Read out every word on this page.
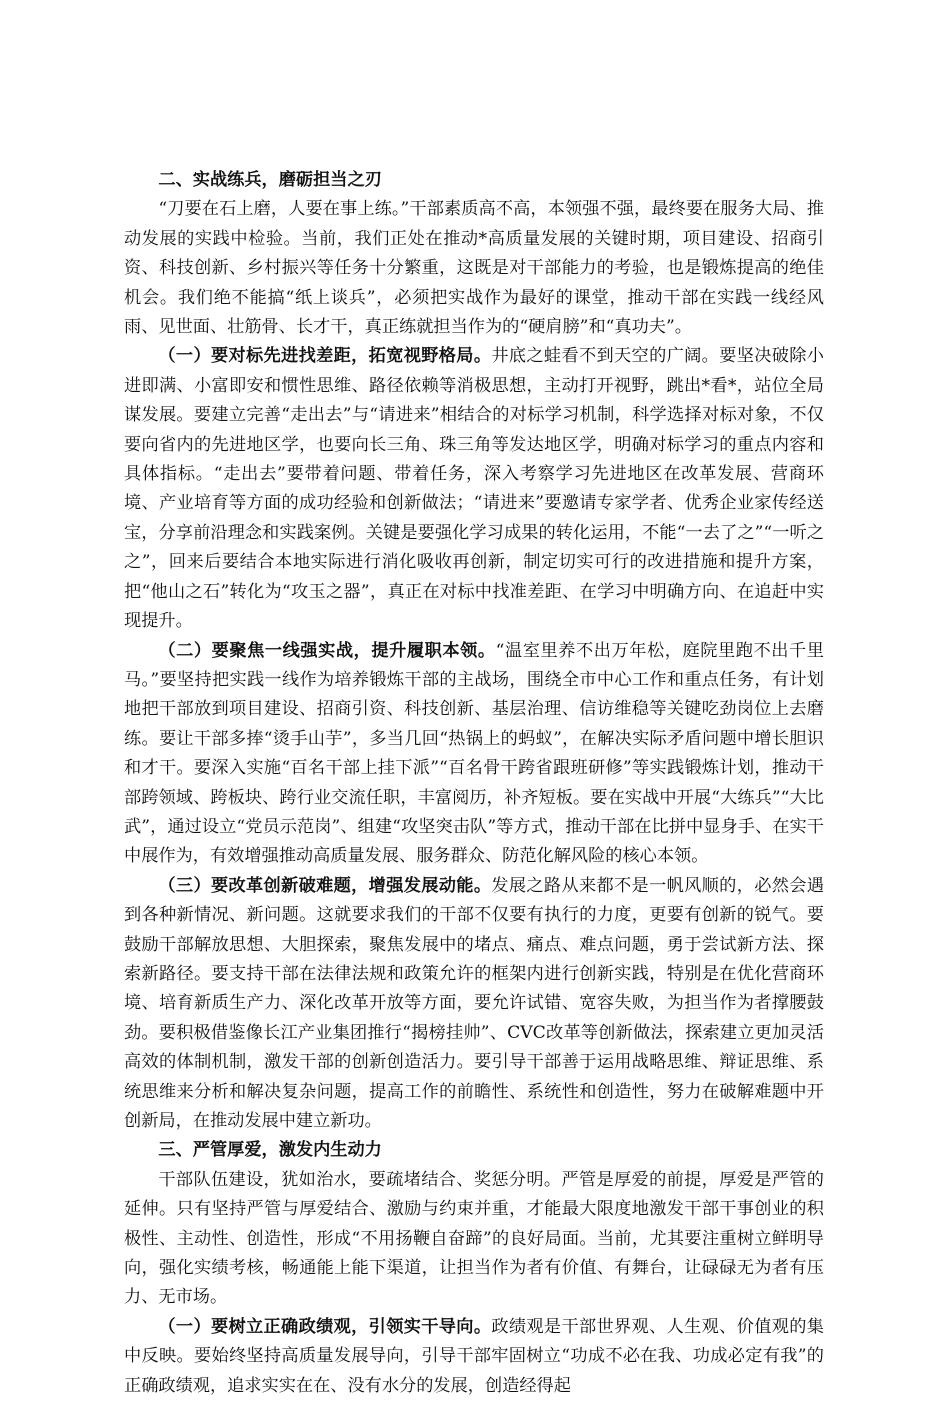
二、实战练兵，磨砺担当之刃

“刀要在石上磨，人要在事上练。”干部素质高不高，本领强不强，最终要在服务大局、推动发展的实践中检验。当前，我们正处在推动*高质量发展的关键时期，项目建设、招商引资、科技创新、乡村振兴等任务十分繁重，这既是对干部能力的考验，也是锻炼提高的绝佳机会。我们绝不能搞“纸上谈兵”，必须把实战作为最好的课堂，推动干部在实践一线经风雨、见世面、壮筋骨、长才干，真正练就担当作为的“硬肩膀”和“真功夫”。

（一）要对标先进找差距，拓宽视野格局。井底之蛙看不到天空的广阔。要坚决破除小进即满、小富即安和惯性思维、路径依赖等消极思想，主动打开视野，跳出*看*，站位全局谋发展。要建立完善“走出去”与“请进来”相结合的对标学习机制，科学选择对标对象，不仅要向省内的先进地区学，也要向长三角、珠三角等发达地区学，明确对标学习的重点内容和具体指标。“走出去”要带着问题、带着任务，深入考察学习先进地区在改革发展、营商环境、产业培育等方面的成功经验和创新做法；“请进来”要邀请专家学者、优秀企业家传经送宝，分享前沿理念和实践案例。关键是要强化学习成果的转化运用，不能“一去了之”“一听之之”，回来后要结合本地实际进行消化吸收再创新，制定切实可行的改进措施和提升方案，把“他山之石”转化为“攻玉之器”，真正在对标中找准差距、在学习中明确方向、在追赶中实现提升。

（二）要聚焦一线强实战，提升履职本领。“温室里养不出万年松，庭院里跑不出千里马。”要坚持把实践一线作为培养锻炼干部的主战场，围绕全市中心工作和重点任务，有计划地把干部放到项目建设、招商引资、科技创新、基层治理、信访维稳等关键吃劲岗位上去磨练。要让干部多捧“烫手山芋”，多当几回“热锅上的蚂蚁”，在解决实际矛盾问题中增长胆识和才干。要深入实施“百名干部上挂下派”“百名骨干跨省跟班研修”等实践锻炼计划，推动干部跨领域、跨板块、跨行业交流任职，丰富阅历，补齐短板。要在实战中开展“大练兵”“大比武”，通过设立“党员示范岗”、组建“攻坚突击队”等方式，推动干部在比拼中显身手、在实干中展作为，有效增强推动高质量发展、服务群众、防范化解风险的核心本领。

（三）要改革创新破难题，增强发展动能。发展之路从来都不是一帆风顺的，必然会遇到各种新情况、新问题。这就要求我们的干部不仅要有执行的力度，更要有创新的锐气。要鼓励干部解放思想、大胆探索，聚焦发展中的堵点、痛点、难点问题，勇于尝试新方法、探索新路径。要支持干部在法律法规和政策允许的框架内进行创新实践，特别是在优化营商环境、培育新质生产力、深化改革开放等方面，要允许试错、宽容失败，为担当作为者撑腰鼓劲。要积极借鉴像长江产业集团推行“揭榜挂帅”、CVC改革等创新做法，探索建立更加灵活高效的体制机制，激发干部的创新创造活力。要引导干部善于运用战略思维、辩证思维、系统思维来分析和解决复杂问题，提高工作的前瞻性、系统性和创造性，努力在破解难题中开创新局，在推动发展中建立新功。

三、严管厚爱，激发内生动力

干部队伍建设，犹如治水，要疏堵结合、奖惩分明。严管是厚爱的前提，厚爱是严管的延伸。只有坚持严管与厚爱结合、激励与约束并重，才能最大限度地激发干部干事创业的积极性、主动性、创造性，形成“不用扬鞭自奋蹄”的良好局面。当前，尤其要注重树立鲜明导向，强化实绩考核，畅通能上能下渠道，让担当作为者有价值、有舞台，让碌碌无为者有压力、无市场。

（一）要树立正确政绩观，引领实干导向。政绩观是干部世界观、人生观、价值观的集中反映。要始终坚持高质量发展导向，引导干部牢固树立“功成不必在我、功成必定有我”的正确政绩观，追求实实在在、没有水分的发展，创造经得起
